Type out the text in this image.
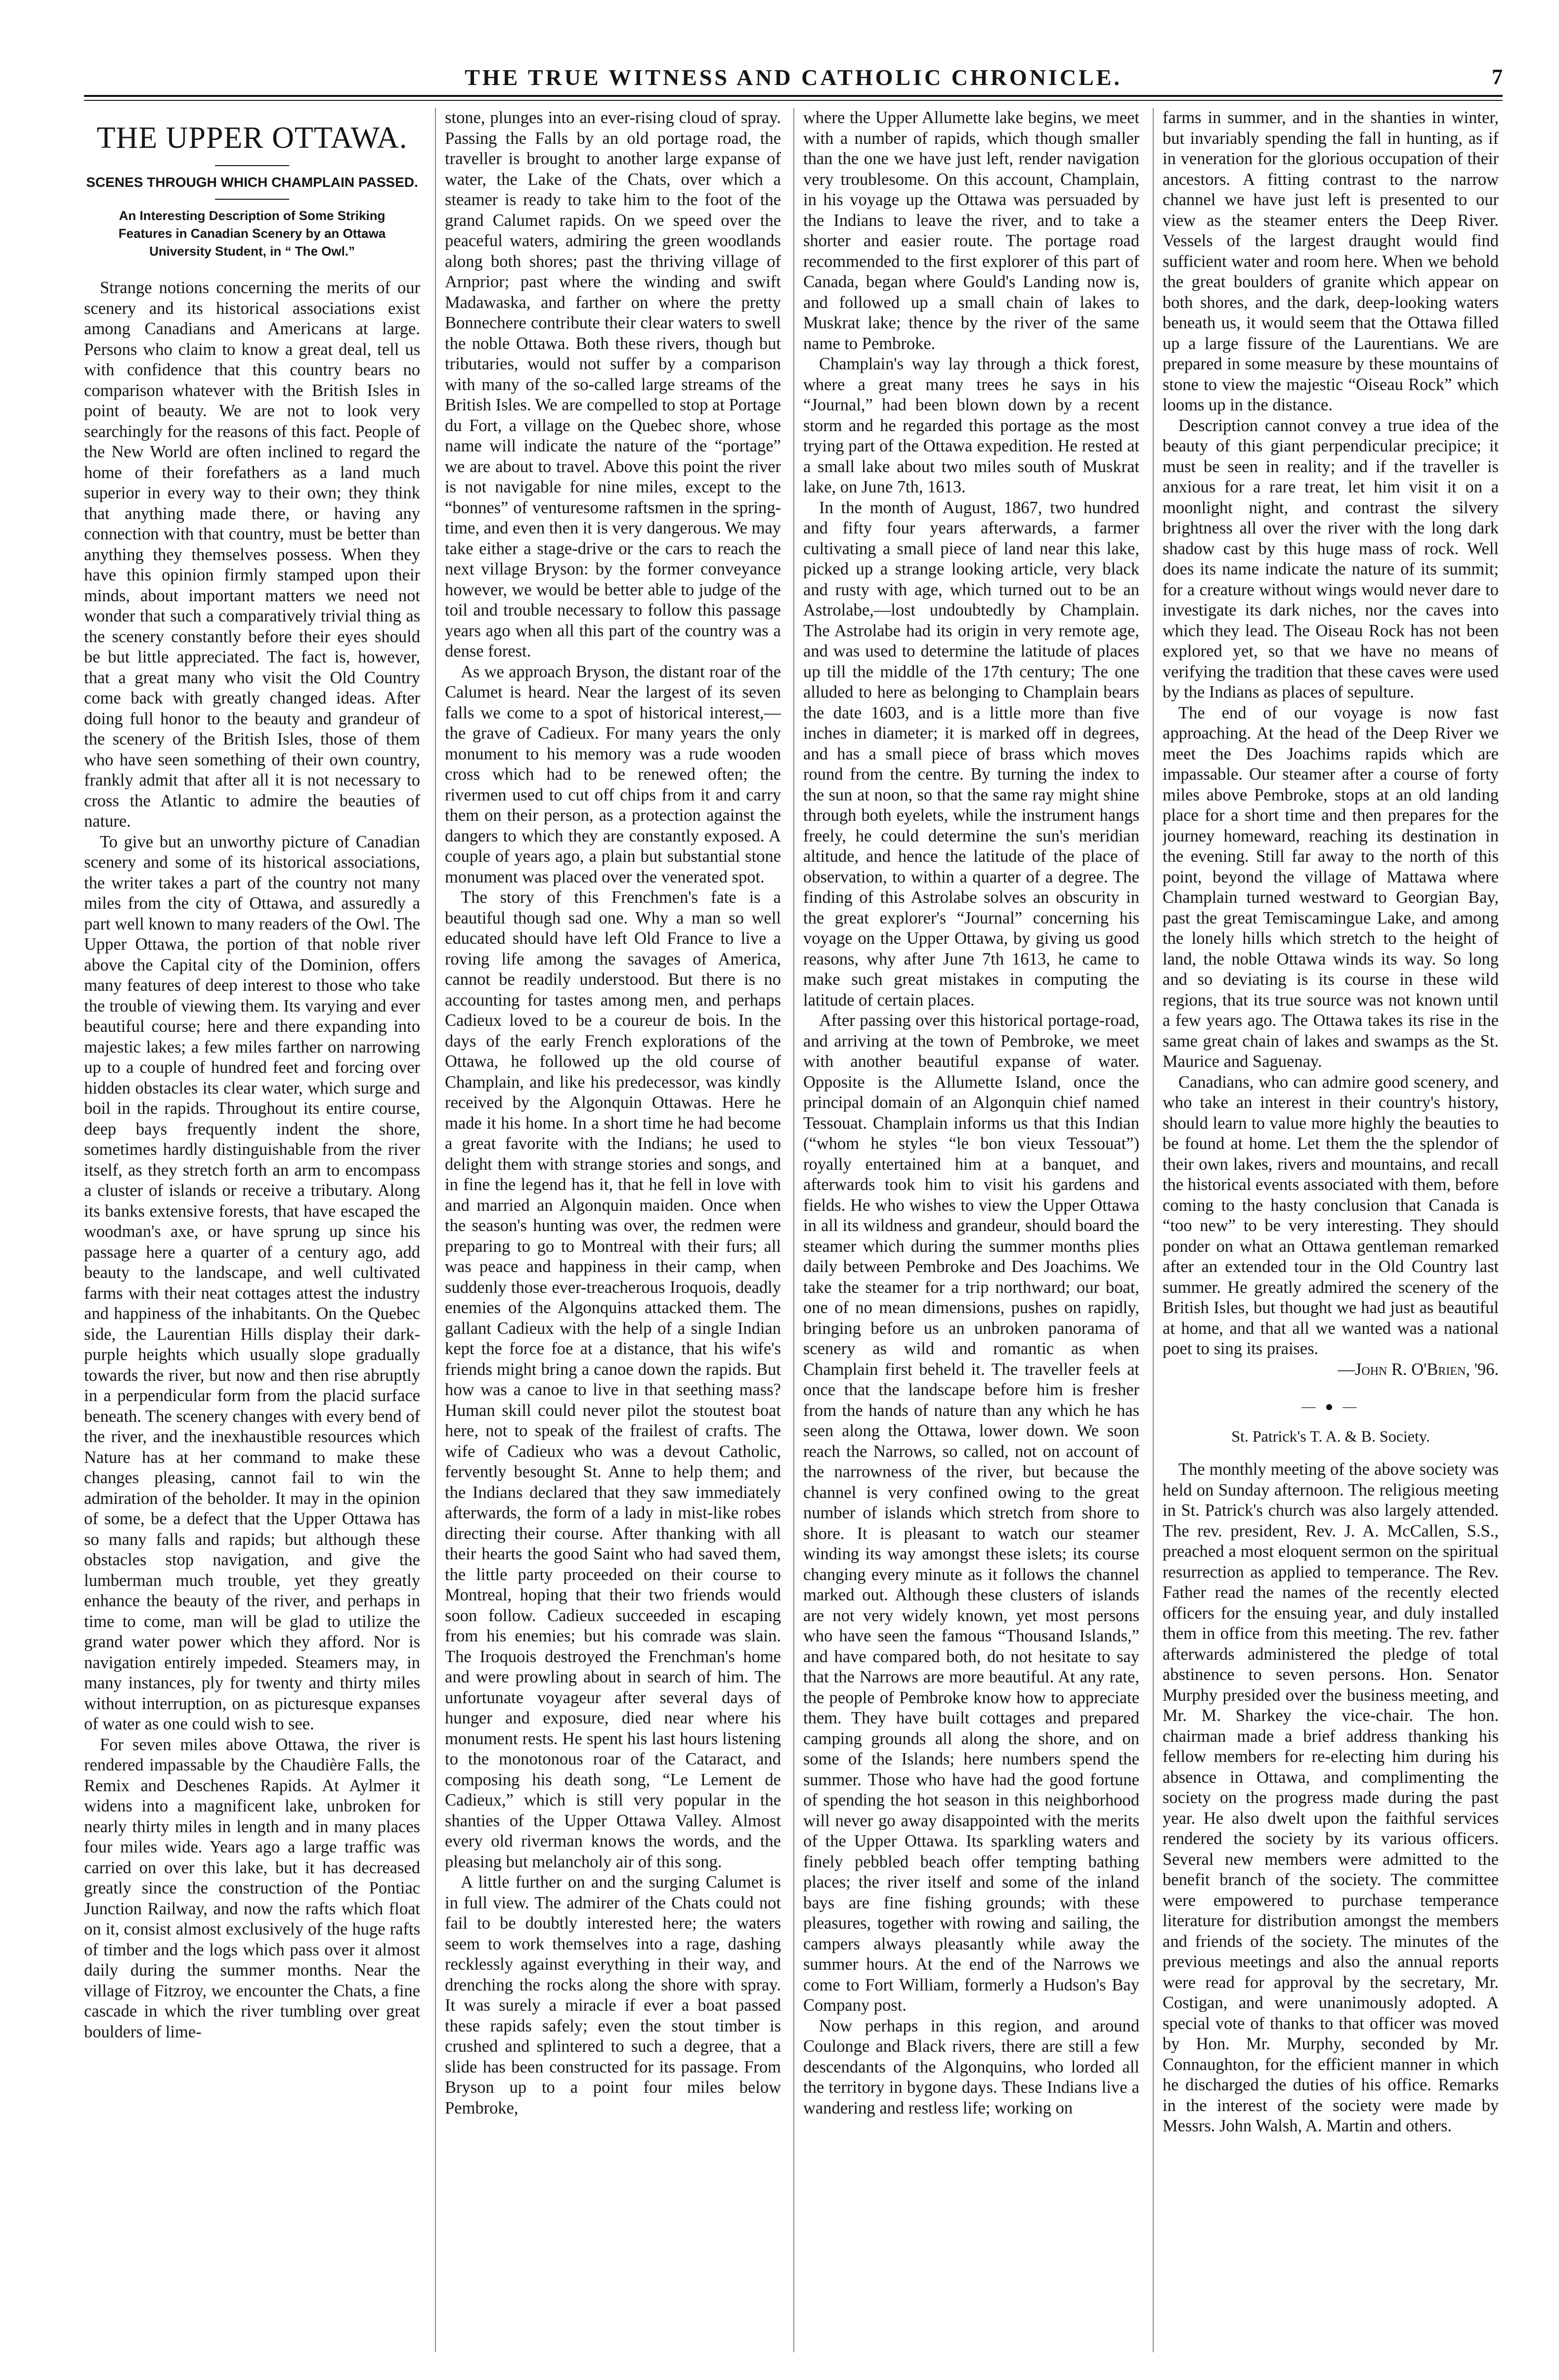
THE TRUE WITNESS AND CATHOLIC CHRONICLE.	7
THE UPPER OTTAWA.
SCENES THROUGH WHICH CHAMPLAIN PASSED.
An Interesting Description of Some Striking Features in Canadian Scenery by an Ottawa University Student, in “ The Owl.”

Strange notions concerning the merits of our scenery and its historical associations exist among Canadians and Americans at large. Persons who claim to know a great deal, tell us with confidence that this country bears no comparison whatever with the British Isles in point of beauty. We are not to look very searchingly for the reasons of this fact. People of the New World are often inclined to regard the home of their forefathers as a land much superior in every way to their own; they think that anything made there, or having any connection with that country, must be better than anything they themselves possess. When they have this opinion firmly stamped upon their minds, about important matters we need not wonder that such a comparatively trivial thing as the scenery constantly before their eyes should be but little appreciated. The fact is, however, that a great many who visit the Old Country come back with greatly changed ideas. After doing full honor to the beauty and grandeur of the scenery of the British Isles, those of them who have seen something of their own country, frankly admit that after all it is not necessary to cross the Atlantic to admire the beauties of nature.

To give but an unworthy picture of Canadian scenery and some of its historical associations, the writer takes a part of the country not many miles from the city of Ottawa, and assuredly a part well known to many readers of the Owl. The Upper Ottawa, the portion of that noble river above the Capital city of the Dominion, offers many features of deep interest to those who take the trouble of viewing them. Its varying and ever beautiful course; here and there expanding into majestic lakes; a few miles farther on narrowing up to a couple of hundred feet and forcing over hidden obstacles its clear water, which surge and boil in the rapids. Throughout its entire course, deep bays frequently indent the shore, sometimes hardly distinguishable from the river itself, as they stretch forth an arm to encompass a cluster of islands or receive a tributary. Along its banks extensive forests, that have escaped the woodman's axe, or have sprung up since his passage here a quarter of a century ago, add beauty to the landscape, and well cultivated farms with their neat cottages attest the industry and happiness of the inhabitants. On the Quebec side, the Laurentian Hills display their dark-purple heights which usually slope gradually towards the river, but now and then rise abruptly in a perpendicular form from the placid surface beneath. The scenery changes with every bend of the river, and the inexhaustible resources which Nature has at her command to make these changes pleasing, cannot fail to win the admiration of the beholder. It may in the opinion of some, be a defect that the Upper Ottawa has so many falls and rapids; but although these obstacles stop navigation, and give the lumberman much trouble, yet they greatly enhance the beauty of the river, and perhaps in time to come, man will be glad to utilize the grand water power which they afford. Nor is navigation entirely impeded. Steamers may, in many instances, ply for twenty and thirty miles without interruption, on as picturesque expanses of water as one could wish to see.

For seven miles above Ottawa, the river is rendered impassable by the Chaudière Falls, the Remix and Deschenes Rapids. At Aylmer it widens into a magnificent lake, unbroken for nearly thirty miles in length and in many places four miles wide. Years ago a large traffic was carried on over this lake, but it has decreased greatly since the construction of the Pontiac Junction Railway, and now the rafts which float on it, consist almost exclusively of the huge rafts of timber and the logs which pass over it almost daily during the summer months. Near the village of Fitzroy, we encounter the Chats, a fine cascade in which the river tumbling over great boulders of lime-

stone, plunges into an ever-rising cloud of spray. Passing the Falls by an old portage road, the traveller is brought to another large expanse of water, the Lake of the Chats, over which a steamer is ready to take him to the foot of the grand Calumet rapids. On we speed over the peaceful waters, admiring the green woodlands along both shores; past the thriving village of Arnprior; past where the winding and swift Madawaska, and farther on where the pretty Bonnechere contribute their clear waters to swell the noble Ottawa. Both these rivers, though but tributaries, would not suffer by a comparison with many of the so-called large streams of the British Isles. We are compelled to stop at Portage du Fort, a village on the Quebec shore, whose name will indicate the nature of the “portage” we are about to travel. Above this point the river is not navigable for nine miles, except to the “bonnes” of venturesome raftsmen in the spring-time, and even then it is very dangerous. We may take either a stage-drive or the cars to reach the next village Bryson: by the former conveyance however, we would be better able to judge of the toil and trouble necessary to follow this passage years ago when all this part of the country was a dense forest.

As we approach Bryson, the distant roar of the Calumet is heard. Near the largest of its seven falls we come to a spot of historical interest,—the grave of Cadieux. For many years the only monument to his memory was a rude wooden cross which had to be renewed often; the rivermen used to cut off chips from it and carry them on their person, as a protection against the dangers to which they are constantly exposed. A couple of years ago, a plain but substantial stone monument was placed over the venerated spot.

The story of this Frenchmen's fate is a beautiful though sad one. Why a man so well educated should have left Old France to live a roving life among the savages of America, cannot be readily understood. But there is no accounting for tastes among men, and perhaps Cadieux loved to be a coureur de bois. In the days of the early French explorations of the Ottawa, he followed up the old course of Champlain, and like his predecessor, was kindly received by the Algonquin Ottawas. Here he made it his home. In a short time he had become a great favorite with the Indians; he used to delight them with strange stories and songs, and in fine the legend has it, that he fell in love with and married an Algonquin maiden. Once when the season's hunting was over, the redmen were preparing to go to Montreal with their furs; all was peace and happiness in their camp, when suddenly those ever-treacherous Iroquois, deadly enemies of the Algonquins attacked them. The gallant Cadieux with the help of a single Indian kept the force foe at a distance, that his wife's friends might bring a canoe down the rapids. But how was a canoe to live in that seething mass? Human skill could never pilot the stoutest boat here, not to speak of the frailest of crafts. The wife of Cadieux who was a devout Catholic, fervently besought St. Anne to help them; and the Indians declared that they saw immediately afterwards, the form of a lady in mist-like robes directing their course. After thanking with all their hearts the good Saint who had saved them, the little party proceeded on their course to Montreal, hoping that their two friends would soon follow. Cadieux succeeded in escaping from his enemies; but his comrade was slain. The Iroquois destroyed the Frenchman's home and were prowling about in search of him. The unfortunate voyageur after several days of hunger and exposure, died near where his monument rests. He spent his last hours listening to the monotonous roar of the Cataract, and composing his death song, “Le Lement de Cadieux,” which is still very popular in the shanties of the Upper Ottawa Valley. Almost every old riverman knows the words, and the pleasing but melancholy air of this song.

A little further on and the surging Calumet is in full view. The admirer of the Chats could not fail to be doubtly interested here; the waters seem to work themselves into a rage, dashing recklessly against everything in their way, and drenching the rocks along the shore with spray. It was surely a miracle if ever a boat passed these rapids safely; even the stout timber is crushed and splintered to such a degree, that a slide has been constructed for its passage. From Bryson up to a point four miles below Pembroke,

where the Upper Allumette lake begins, we meet with a number of rapids, which though smaller than the one we have just left, render navigation very troublesome. On this account, Champlain, in his voyage up the Ottawa was persuaded by the Indians to leave the river, and to take a shorter and easier route. The portage road recommended to the first explorer of this part of Canada, began where Gould's Landing now is, and followed up a small chain of lakes to Muskrat lake; thence by the river of the same name to Pembroke.

Champlain's way lay through a thick forest, where a great many trees he says in his “Journal,” had been blown down by a recent storm and he regarded this portage as the most trying part of the Ottawa expedition. He rested at a small lake about two miles south of Muskrat lake, on June 7th, 1613.

In the month of August, 1867, two hundred and fifty four years afterwards, a farmer cultivating a small piece of land near this lake, picked up a strange looking article, very black and rusty with age, which turned out to be an Astrolabe,—lost undoubtedly by Champlain. The Astrolabe had its origin in very remote age, and was used to determine the latitude of places up till the middle of the 17th century; The one alluded to here as belonging to Champlain bears the date 1603, and is a little more than five inches in diameter; it is marked off in degrees, and has a small piece of brass which moves round from the centre. By turning the index to the sun at noon, so that the same ray might shine through both eyelets, while the instrument hangs freely, he could determine the sun's meridian altitude, and hence the latitude of the place of observation, to within a quarter of a degree. The finding of this Astrolabe solves an obscurity in the great explorer's “Journal” concerning his voyage on the Upper Ottawa, by giving us good reasons, why after June 7th 1613, he came to make such great mistakes in computing the latitude of certain places.

After passing over this historical portage-road, and arriving at the town of Pembroke, we meet with another beautiful expanse of water. Opposite is the Allumette Island, once the principal domain of an Algonquin chief named Tessouat. Champlain informs us that this Indian (“whom he styles “le bon vieux Tessouat”) royally entertained him at a banquet, and afterwards took him to visit his gardens and fields. He who wishes to view the Upper Ottawa in all its wildness and grandeur, should board the steamer which during the summer months plies daily between Pembroke and Des Joachims. We take the steamer for a trip northward; our boat, one of no mean dimensions, pushes on rapidly, bringing before us an unbroken panorama of scenery as wild and romantic as when Champlain first beheld it. The traveller feels at once that the landscape before him is fresher from the hands of nature than any which he has seen along the Ottawa, lower down. We soon reach the Narrows, so called, not on account of the narrowness of the river, but because the channel is very confined owing to the great number of islands which stretch from shore to shore. It is pleasant to watch our steamer winding its way amongst these islets; its course changing every minute as it follows the channel marked out. Although these clusters of islands are not very widely known, yet most persons who have seen the famous “Thousand Islands,” and have compared both, do not hesitate to say that the Narrows are more beautiful. At any rate, the people of Pembroke know how to appreciate them. They have built cottages and prepared camping grounds all along the shore, and on some of the Islands; here numbers spend the summer. Those who have had the good fortune of spending the hot season in this neighborhood will never go away disappointed with the merits of the Upper Ottawa. Its sparkling waters and finely pebbled beach offer tempting bathing places; the river itself and some of the inland bays are fine fishing grounds; with these pleasures, together with rowing and sailing, the campers always pleasantly while away the summer hours. At the end of the Narrows we come to Fort William, formerly a Hudson's Bay Company post.

Now perhaps in this region, and around Coulonge and Black rivers, there are still a few descendants of the Algonquins, who lorded all the territory in bygone days. These Indians live a wandering and restless life; working on

farms in summer, and in the shanties in winter, but invariably spending the fall in hunting, as if in veneration for the glorious occupation of their ancestors. A fitting contrast to the narrow channel we have just left is presented to our view as the steamer enters the Deep River. Vessels of the largest draught would find sufficient water and room here. When we behold the great boulders of granite which appear on both shores, and the dark, deep-looking waters beneath us, it would seem that the Ottawa filled up a large fissure of the Laurentians. We are prepared in some measure by these mountains of stone to view the majestic “Oiseau Rock” which looms up in the distance.

Description cannot convey a true idea of the beauty of this giant perpendicular precipice; it must be seen in reality; and if the traveller is anxious for a rare treat, let him visit it on a moonlight night, and contrast the silvery brightness all over the river with the long dark shadow cast by this huge mass of rock. Well does its name indicate the nature of its summit; for a creature without wings would never dare to investigate its dark niches, nor the caves into which they lead. The Oiseau Rock has not been explored yet, so that we have no means of verifying the tradition that these caves were used by the Indians as places of sepulture.

The end of our voyage is now fast approaching. At the head of the Deep River we meet the Des Joachims rapids which are impassable. Our steamer after a course of forty miles above Pembroke, stops at an old landing place for a short time and then prepares for the journey homeward, reaching its destination in the evening. Still far away to the north of this point, beyond the village of Mattawa where Champlain turned westward to Georgian Bay, past the great Temiscamingue Lake, and among the lonely hills which stretch to the height of land, the noble Ottawa winds its way. So long and so deviating is its course in these wild regions, that its true source was not known until a few years ago. The Ottawa takes its rise in the same great chain of lakes and swamps as the St. Maurice and Saguenay.

Canadians, who can admire good scenery, and who take an interest in their country's history, should learn to value more highly the beauties to be found at home. Let them the the splendor of their own lakes, rivers and mountains, and recall the historical events associated with them, before coming to the hasty conclusion that Canada is “too new” to be very interesting. They should ponder on what an Ottawa gentleman remarked after an extended tour in the Old Country last summer. He greatly admired the scenery of the British Isles, but thought we had just as beautiful at home, and that all we wanted was a national poet to sing its praises.

—John R. O'Brien, '96.
— ● —
St. Patrick's T. A. & B. Society.

The monthly meeting of the above society was held on Sunday afternoon. The religious meeting in St. Patrick's church was also largely attended. The rev. president, Rev. J. A. McCallen, S.S., preached a most eloquent sermon on the spiritual resurrection as applied to temperance. The Rev. Father read the names of the recently elected officers for the ensuing year, and duly installed them in office from this meeting. The rev. father afterwards administered the pledge of total abstinence to seven persons. Hon. Senator Murphy presided over the business meeting, and Mr. M. Sharkey the vice-chair. The hon. chairman made a brief address thanking his fellow members for re-electing him during his absence in Ottawa, and complimenting the society on the progress made during the past year. He also dwelt upon the faithful services rendered the society by its various officers. Several new members were admitted to the benefit branch of the society. The committee were empowered to purchase temperance literature for distribution amongst the members and friends of the society. The minutes of the previous meetings and also the annual reports were read for approval by the secretary, Mr. Costigan, and were unanimously adopted. A special vote of thanks to that officer was moved by Hon. Mr. Murphy, seconded by Mr. Connaughton, for the efficient manner in which he discharged the duties of his office. Remarks in the interest of the society were made by Messrs. John Walsh, A. Martin and others.
